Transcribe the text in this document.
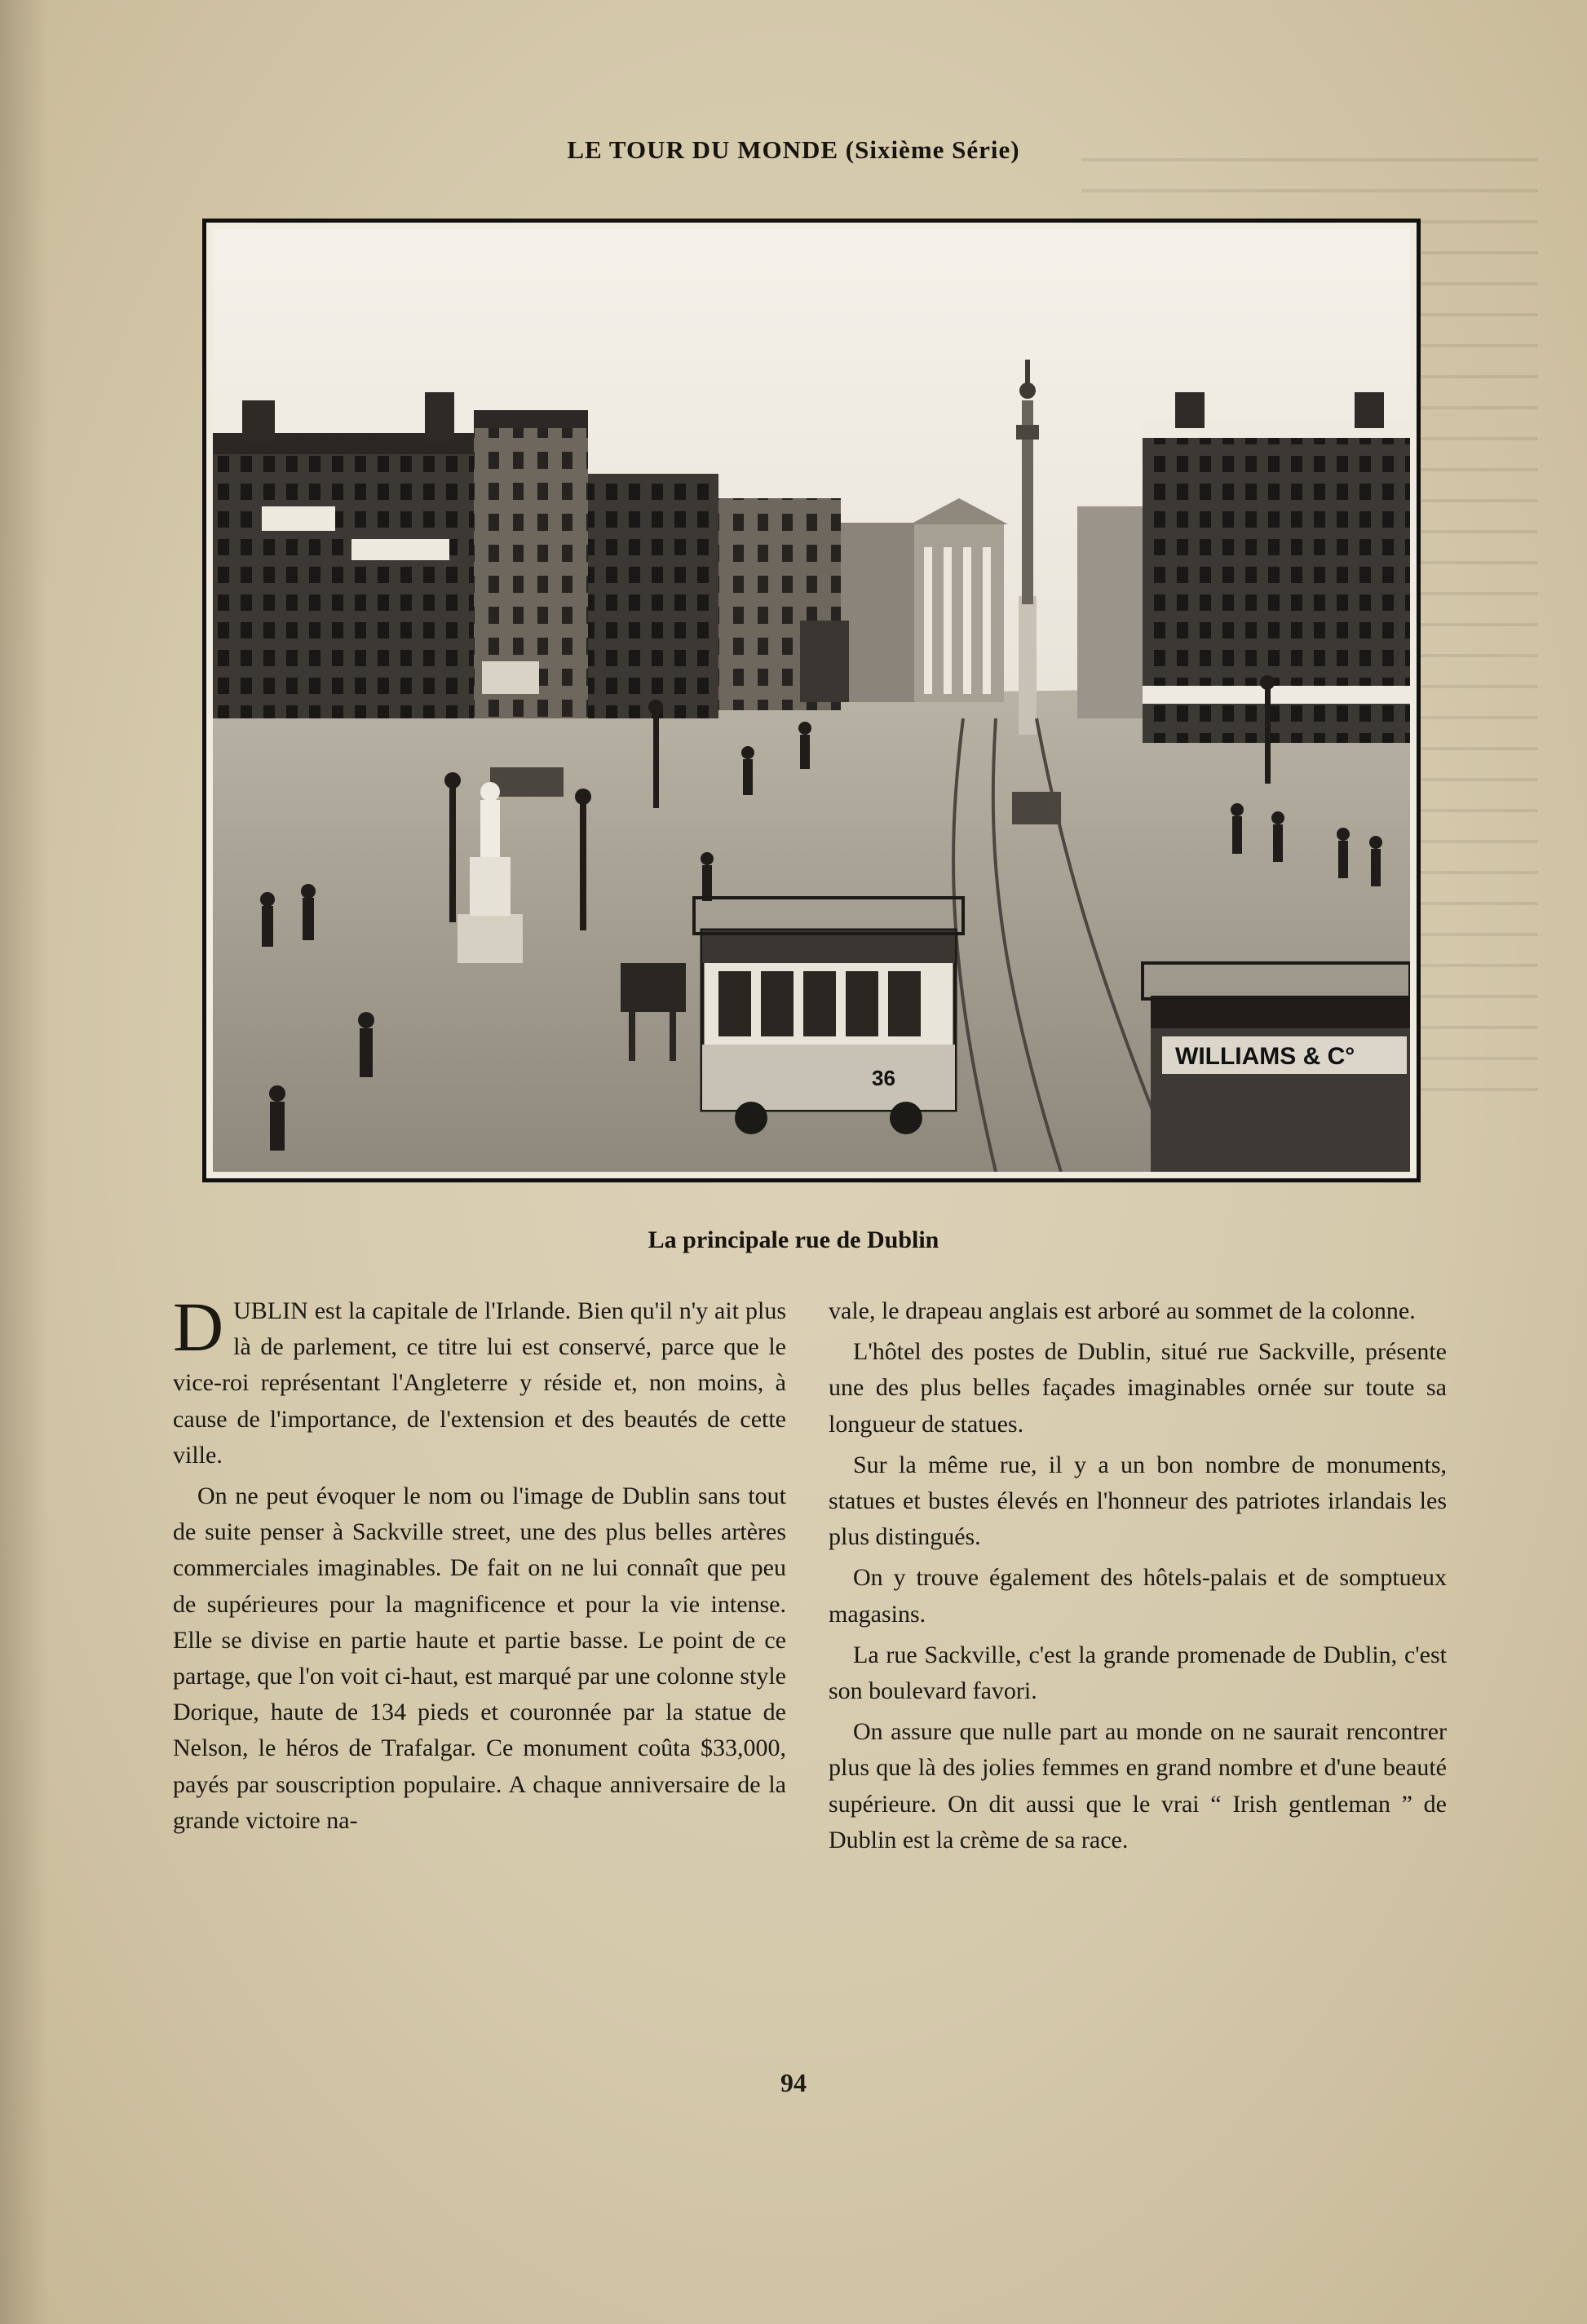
LE TOUR DU MONDE (Sixième Série)
36
WILLIAMS & C°
La principale rue de Dublin

DUBLIN est la capitale de l'Irlande. Bien qu'il n'y ait plus là de parlement, ce titre lui est conservé, parce que le vice-roi représentant l'Angleterre y réside et, non moins, à cause de l'importance, de l'extension et des beautés de cette ville.

On ne peut évoquer le nom ou l'image de Dublin sans tout de suite penser à Sackville street, une des plus belles artères commerciales imaginables. De fait on ne lui connaît que peu de supérieures pour la magnificence et pour la vie intense. Elle se divise en partie haute et partie basse. Le point de ce partage, que l'on voit ci-haut, est marqué par une colonne style Dorique, haute de 134 pieds et couronnée par la statue de Nelson, le héros de Trafalgar. Ce monument coûta $33,000, payés par souscription populaire. A chaque anniversaire de la grande victoire na-

vale, le drapeau anglais est arboré au sommet de la colonne.

L'hôtel des postes de Dublin, situé rue Sackville, présente une des plus belles façades imaginables ornée sur toute sa longueur de statues.

Sur la même rue, il y a un bon nombre de monuments, statues et bustes élevés en l'honneur des patriotes irlandais les plus distingués.

On y trouve également des hôtels-palais et de somptueux magasins.

La rue Sackville, c'est la grande promenade de Dublin, c'est son boulevard favori.

On assure que nulle part au monde on ne saurait rencontrer plus que là des jolies femmes en grand nombre et d'une beauté supérieure. On dit aussi que le vrai “ Irish gentleman ” de Dublin est la crème de sa race.

94
